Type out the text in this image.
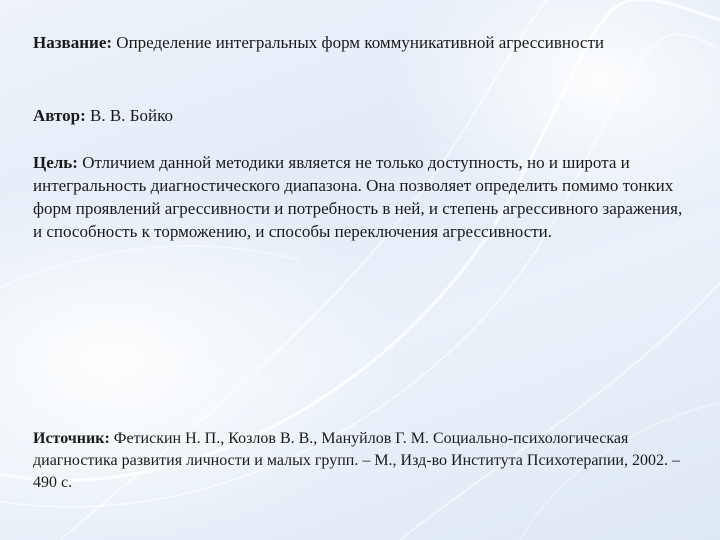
Название: Определение интегральных форм коммуникативной агрессивности
Автор: В. В. Бойко
Цель: Отличием данной методики является не только доступность, но и широта и интегральность диагностического диапазона. Она позволяет определить помимо тонких форм проявлений агрессивности и потребность в ней, и степень агрессивного заражения, и способность к торможению, и способы переключения агрессивности.
Источник: Фетискин Н. П., Козлов В. В., Мануйлов Г. М. Социально-психологическая диагностика развития личности и малых групп. – М., Изд-во Института Психотерапии, 2002. – 490 с.
